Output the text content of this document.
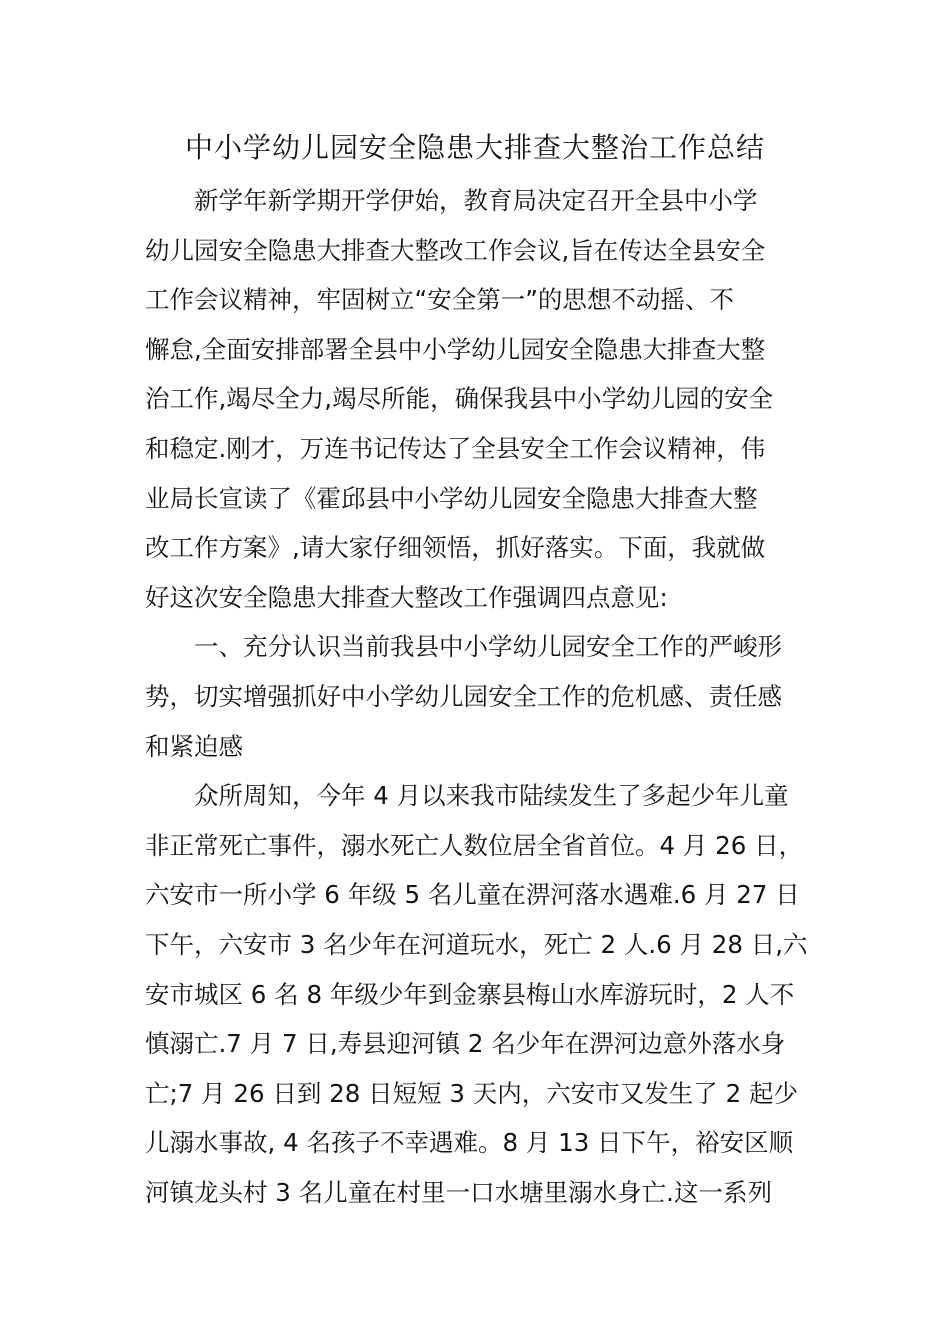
中小学幼儿园安全隐患大排查大整治工作总结
新学年新学期开学伊始，教育局决定召开全县中小学
幼儿园安全隐患大排查大整改工作会议,旨在传达全县安全
工作会议精神，牢固树立“安全第一”的思想不动摇、不
懈怠,全面安排部署全县中小学幼儿园安全隐患大排查大整
治工作,竭尽全力,竭尽所能，确保我县中小学幼儿园的安全
和稳定.刚才，万连书记传达了全县安全工作会议精神，伟
业局长宣读了《霍邱县中小学幼儿园安全隐患大排查大整
改工作方案》,请大家仔细领悟，抓好落实。下面，我就做
好这次安全隐患大排查大整改工作强调四点意见:
一、充分认识当前我县中小学幼儿园安全工作的严峻形
势，切实增强抓好中小学幼儿园安全工作的危机感、责任感
和紧迫感
众所周知，今年 4 月以来我市陆续发生了多起少年儿童
非正常死亡事件，溺水死亡人数位居全省首位。4 月 26 日，
六安市一所小学 6 年级 5 名儿童在淠河落水遇难.6 月 27 日
下午，六安市 3 名少年在河道玩水，死亡 2 人.6 月 28 日,六
安市城区 6 名 8 年级少年到金寨县梅山水库游玩时，2 人不
慎溺亡.7 月 7 日,寿县迎河镇 2 名少年在淠河边意外落水身
亡;7 月 26 日到 28 日短短 3 天内，六安市又发生了 2 起少
儿溺水事故, 4 名孩子不幸遇难。8 月 13 日下午，裕安区顺
河镇龙头村 3 名儿童在村里一口水塘里溺水身亡.这一系列
